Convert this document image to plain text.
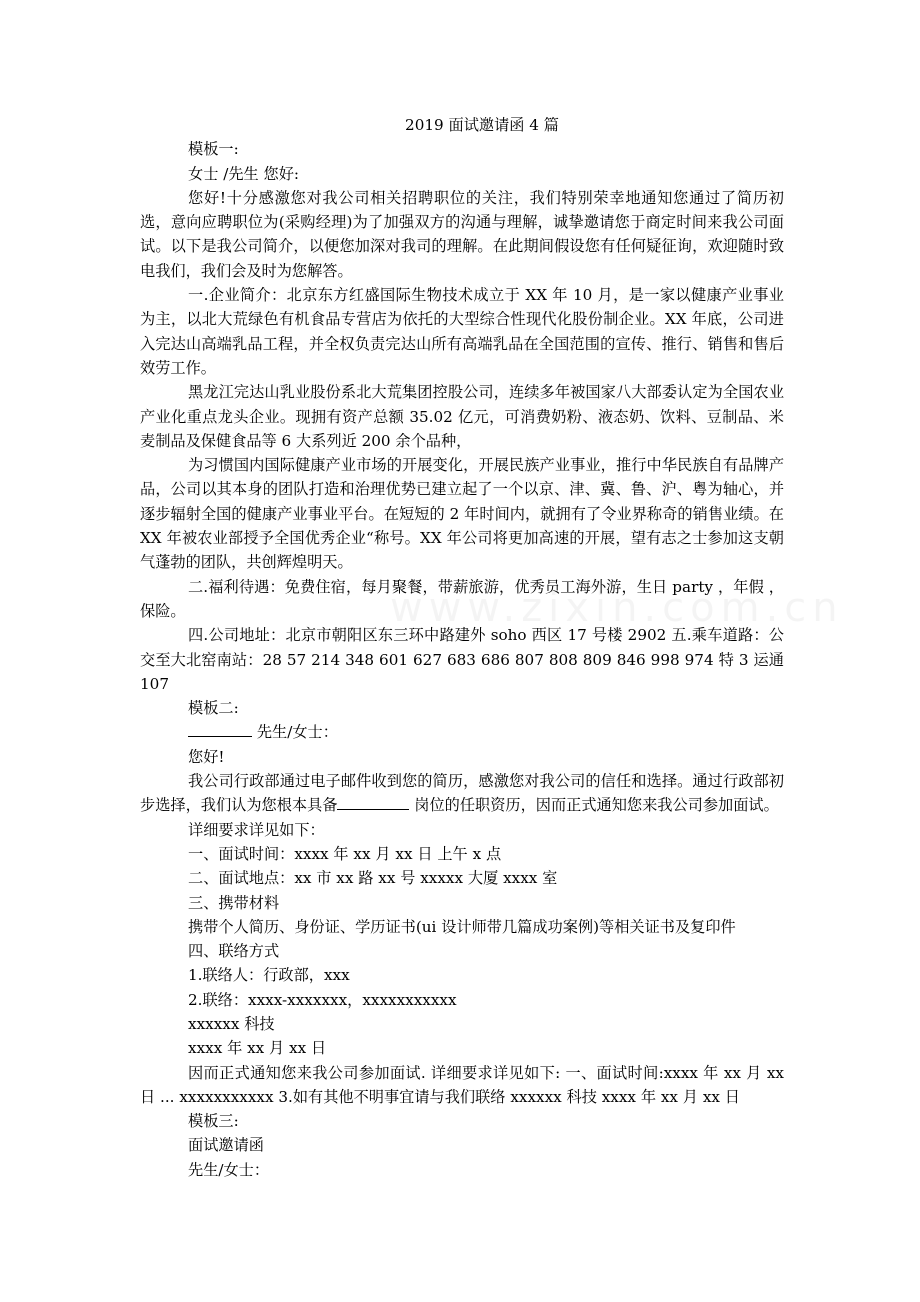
2019 面试邀请函 4 篇

模板一:

女士 /先生 您好:

您好!十分感激您对我公司相关招聘职位的关注，我们特别荣幸地通知您通过了简历初选，意向应聘职位为(采购经理)为了加强双方的沟通与理解，诚挚邀请您于商定时间来我公司面试。以下是我公司简介，以便您加深对我司的理解。在此期间假设您有任何疑征询，欢迎随时致电我们，我们会及时为您解答。

一.企业简介：北京东方红盛国际生物技术成立于 XX 年 10 月，是一家以健康产业事业为主，以北大荒绿色有机食品专营店为依托的大型综合性现代化股份制企业。XX 年底，公司进入完达山高端乳品工程，并全权负责完达山所有高端乳品在全国范围的宣传、推行、销售和售后效劳工作。

黑龙江完达山乳业股份系北大荒集团控股公司，连续多年被国家八大部委认定为全国农业产业化重点龙头企业。现拥有资产总额 35.02 亿元，可消费奶粉、液态奶、饮料、豆制品、米麦制品及保健食品等 6 大系列近 200 余个品种，

为习惯国内国际健康产业市场的开展变化，开展民族产业事业，推行中华民族自有品牌产品，公司以其本身的团队打造和治理优势已建立起了一个以京、津、冀、鲁、沪、粤为轴心，并逐步辐射全国的健康产业事业平台。在短短的 2 年时间内，就拥有了令业界称奇的销售业绩。在 XX 年被农业部授予全国优秀企业“称号。XX 年公司将更加高速的开展，望有志之士参加这支朝气蓬勃的团队，共创辉煌明天。

二.福利待遇：免费住宿，每月聚餐，带薪旅游，优秀员工海外游，生日 party ，年假 ，保险。

四.公司地址：北京市朝阳区东三环中路建外 soho 西区 17 号楼 2902 五.乘车道路：公交至大北窑南站：28 57 214 348 601 627 683 686 807 808 809 846 998 974 特 3 运通 107

模板二:

先生/女士：

您好!

我公司行政部通过电子邮件收到您的简历，感激您对我公司的信任和选择。通过行政部初步选择，我们认为您根本具备	岗位的任职资历，因而正式通知您来我公司参加面试。

详细要求详见如下：

一、面试时间：xxxx 年 xx 月 xx 日 上午 x 点

二、面试地点：xx 市 xx 路 xx 号 xxxxx 大厦 xxxx 室

三、携带材料

携带个人简历、身份证、学历证书(ui 设计师带几篇成功案例)等相关证书及复印件

四、联络方式

1.联络人：行政部，xxx

2.联络：xxxx-xxxxxxx，xxxxxxxxxxx

xxxxxx 科技

xxxx 年 xx 月 xx 日

因而正式通知您来我公司参加面试. 详细要求详见如下: 一、面试时间:xxxx 年 xx 月 xx 日 ... xxxxxxxxxxx 3.如有其他不明事宜请与我们联络 xxxxxx 科技 xxxx 年 xx 月 xx 日

模板三:

面试邀请函

先生/女士：
